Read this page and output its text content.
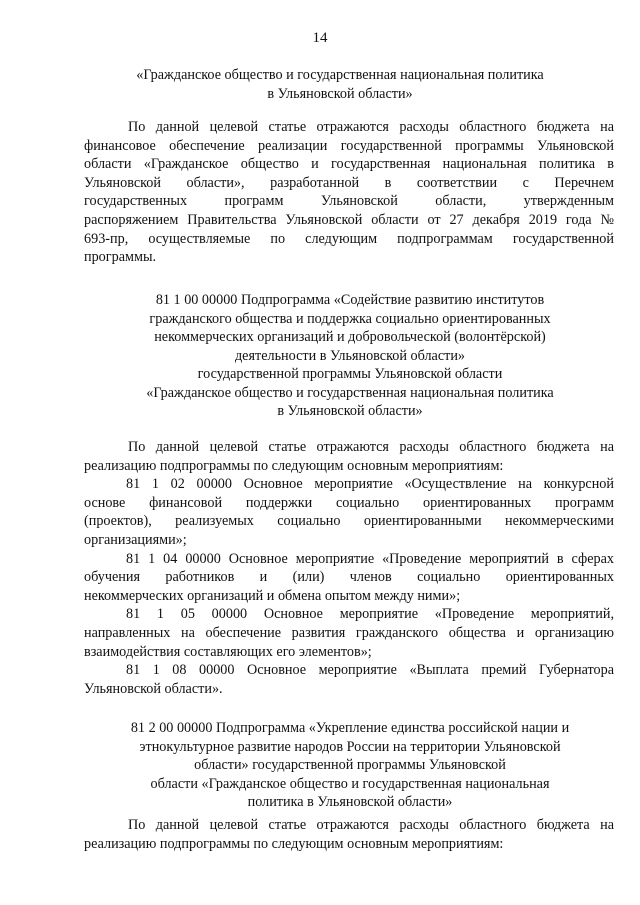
14
«Гражданское общество и государственная национальная политика
в Ульяновской области»
По данной целевой статье отражаются расходы областного бюджета на
финансовое обеспечение реализации государственной программы Ульяновской
области «Гражданское общество и государственная национальная политика в
Ульяновской области», разработанной в соответствии с Перечнем
государственных программ Ульяновской области, утвержденным
распоряжением Правительства Ульяновской области от 27 декабря 2019 года №
693-пр, осуществляемые по следующим подпрограммам государственной
программы.
81 1 00 00000 Подпрограмма «Содействие развитию институтов
гражданского общества и поддержка социально ориентированных
некоммерческих организаций и добровольческой (волонтёрской)
деятельности в Ульяновской области»
государственной программы Ульяновской области
«Гражданское общество и государственная национальная политика
в Ульяновской области»
По данной целевой статье отражаются расходы областного бюджета на
реализацию подпрограммы по следующим основным мероприятиям:
81 1 02 00000 Основное мероприятие «Осуществление на конкурсной
основе финансовой поддержки социально ориентированных программ
(проектов), реализуемых социально ориентированными некоммерческими
организациями»;
81 1 04 00000 Основное мероприятие «Проведение мероприятий в сферах
обучения работников и (или) членов социально ориентированных
некоммерческих организаций и обмена опытом между ними»;
81 1 05 00000 Основное мероприятие «Проведение мероприятий,
направленных на обеспечение развития гражданского общества и организацию
взаимодействия составляющих его элементов»;
81 1 08 00000 Основное мероприятие «Выплата премий Губернатора
Ульяновской области».
81 2 00 00000 Подпрограмма «Укрепление единства российской нации и
этнокультурное развитие народов России на территории Ульяновской
области» государственной программы Ульяновской
области «Гражданское общество и государственная национальная
политика в Ульяновской области»
По данной целевой статье отражаются расходы областного бюджета на
реализацию подпрограммы по следующим основным мероприятиям:
